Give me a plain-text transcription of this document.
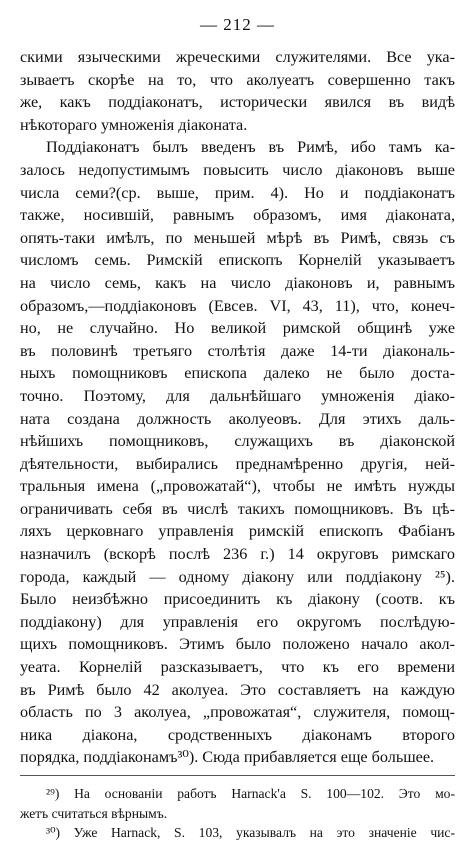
— 212 —
скими языческими жреческими служителями. Все ука-
зываетъ скорѣе на то, что аколуеатъ совершенно такъ
же, какъ поддіаконатъ, исторически явился въ видѣ
нѣкотораго умноженія діаконата.
Поддіаконатъ былъ введенъ въ Римѣ, ибо тамъ ка-
залось недопустимымъ повысить число діаконовъ выше
числа семи?(ср. выше, прим. 4). Но и поддіаконатъ
также, носившій, равнымъ образомъ, имя діаконата,
опять-таки имѣлъ, по меньшей мѣрѣ въ Римѣ, связь съ
числомъ семь. Римскій епископъ Корнелій указываетъ
на число семь, какъ на число діаконовъ и, равнымъ
образомъ,—поддіаконовъ (Евсев. VI, 43, 11), что, конеч-
но, не случайно. Но великой римской общинѣ ужe
въ половинѣ третьяго столѣтія даже 14-ти діакональ-
ныхъ помощниковъ епископа далеко не было доста-
точно. Поэтому, для дальнѣйшаго умноженія діако-
ната создана должность аколуеовъ. Для этихъ даль-
нѣйшихъ помощниковъ, служащихъ въ діаконской
дѣятельности, выбирались преднамѣренно другія, ней-
тральныя имена („провожатай“), чтобы не имѣть нужды
ограничивать себя въ числѣ такихъ помощниковъ. Въ цѣ-
ляхъ церковнаго управленія римскій епископъ Фабіанъ
назначилъ (вскорѣ послѣ 236 г.) 14 округовъ римскаго
города, каждый — одному діакону или поддіакону ²⁵).
Было неизбѣжно присоединить къ діакону (соотв. къ
поддіакону) для управленія его округомъ послѣдую-
щихъ помощниковъ. Этимъ было положено начало акол-
уеата. Корнелій разсказываетъ, что къ его времени
въ Римѣ было 42 аколуеа. Это составляетъ на каждую
область по 3 аколуеа, „провожатая“, служителя, помощ-
ника діакона, сродственныхъ діаконамъ второго
порядка, поддіаконамъ³⁰). Сюда прибавляется еще большее.
²⁹) На основаніи работъ Harnack'a S. 100—102. Это мо-
жетъ считаться вѣрнымъ.
³⁰) Уже Harnack, S. 103, указывалъ на это значеніе чис-
